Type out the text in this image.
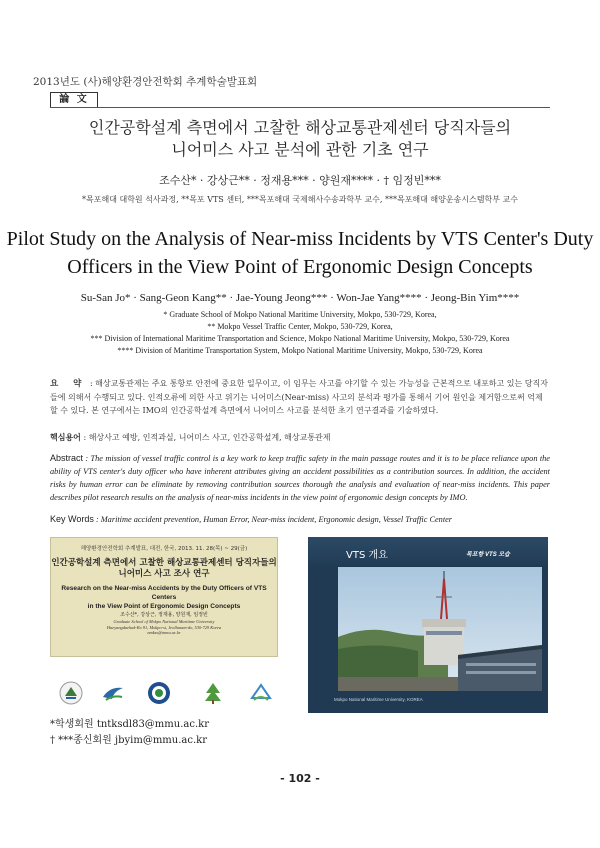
2013년도 (사)해양환경안전학회 추계학술발표회
論 文
인간공학설계 측면에서 고찰한 해상교통관제센터 당직자들의
니어미스 사고 분석에 관한 기초 연구
조수산* · 강상근** · 정재용*** · 양원재**** · † 임정빈***
*목포해대 대학원 석사과정, **목포 VTS 센터, ***목포해대 국제해사수송과학부 교수, ***목포해대 해양운송시스템학부 교수
Pilot Study on the Analysis of Near-miss Incidents by VTS Center's Duty
Officers in the View Point of Ergonomic Design Concepts
Su-San Jo* · Sang-Geon Kang** · Jae-Young Jeong*** · Won-Jae Yang**** · Jeong-Bin Yim****
* Graduate School of Mokpo National Maritime University, Mokpo, 530-729, Korea,
** Mokpo Vessel Traffic Center, Mokpo, 530-729, Korea,
*** Division of International Maritime Transportation and Science, Mokpo National Maritime University, Mokpo, 530-729, Korea
**** Division of Maritime Transportation System, Mokpo National Maritime University, Mokpo, 530-729, Korea
요 약 : 해상교통관제는 주요 통항로 안전에 중요한 일무이고, 이 임무는 사고를 야기할 수 있는 가능성을 근본적으로 내포하고 있는 당직자들에 의해서 수행되고 있다. 인적오류에 의한 사고 위기는 니어미스(Near-miss) 사고의 분석과 평가를 통해서 기어 원인을 제거함으로써 억제할 수 있다. 본 연구에서는 IMO의 인간공학설계 측면에서 니어미스 사고를 분석한 초기 연구결과를 기술하였다.
핵심용어 : 해상사고 예방, 인적과실, 니어미스 사고, 인간공학설계, 해상교통관제
Abstract : The mission of vessel traffic control is a key work to keep traffic safety in the main passage routes and it is to be place reliance upon the ability of VTS center's duty officer who have inherent attributes giving an accident possibilities as a contribution sources. In addition, the accident risks by human error can be eliminate by removing contribution sources thorough the analysis and evaluation of near-miss incidents. This paper describes pilot research results on the analysis of near-miss incidents in the view point of ergonomic design concepts by IMO.
Key Words : Maritime accident prevention, Human Error, Near-miss incident, Ergonomic design, Vessel Traffic Center
해양환경안전학회 추계발표, 대전, 한국, 2013. 11. 28(목) ~ 29(금)
인간공학설계 측면에서 고찰한 해상교통관제센터 당직자들의
니어미스 사고 조사 연구
Research on the Near-miss Accidents by the Duty Officers of VTS Centers
in the View Point of Ergonomic Design Concepts
조수산*, 강상근, 정재용, 양원재, 임정빈
Graduate School of Mokpo National Maritime University
Haeyangdaehak-Ro 91, Mokpo-si, Jeollanam-do, 530-729 Korea
nmkss@mmu.ac.kr
VTS 개요	목포항 VTS 모습
Mokpo National Maritime University, KOREA
*학생회원 tntksdl83@mmu.ac.kr
† ***종신회원 jbyim@mmu.ac.kr
- 102 -
